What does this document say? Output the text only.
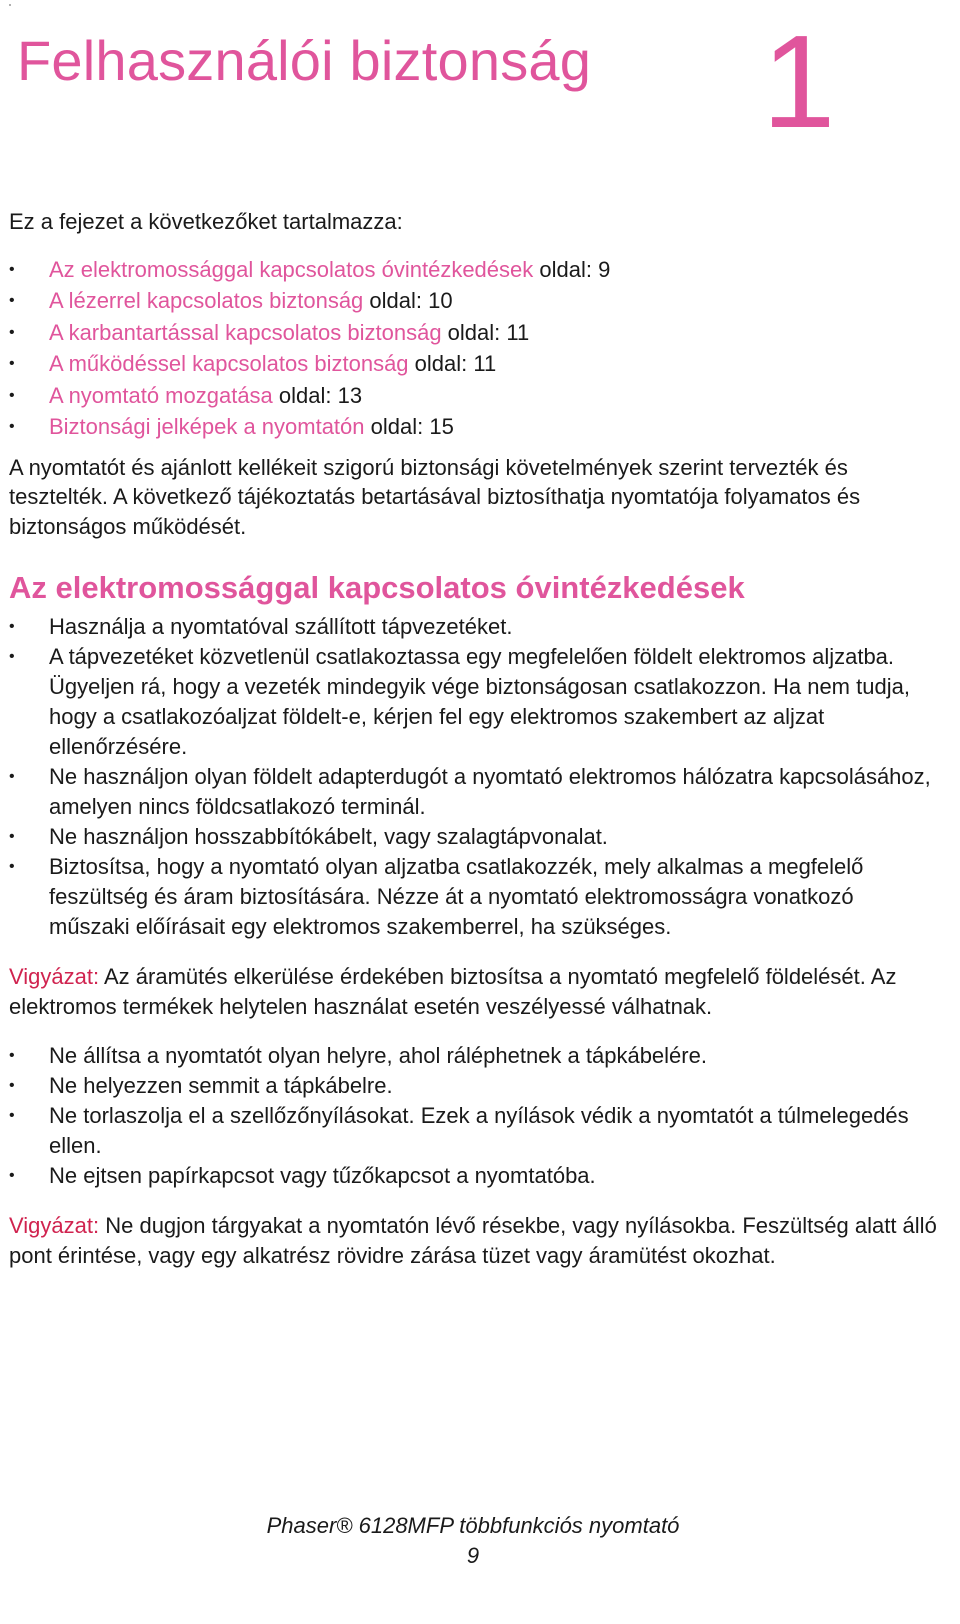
Felhasználói biztonság 1

Ez a fejezet a következőket tartalmazza:

• Az elektromossággal kapcsolatos óvintézkedések oldal: 9
• A lézerrel kapcsolatos biztonság oldal: 10
• A karbantartással kapcsolatos biztonság oldal: 11
• A működéssel kapcsolatos biztonság oldal: 11
• A nyomtató mozgatása oldal: 13
• Biztonsági jelképek a nyomtatón oldal: 15

A nyomtatót és ajánlott kellékeit szigorú biztonsági követelmények szerint tervezték és tesztelték. A következő tájékoztatás betartásával biztosíthatja nyomtatója folyamatos és biztonságos működését.

Az elektromossággal kapcsolatos óvintézkedések
• Használja a nyomtatóval szállított tápvezetéket.
• A tápvezetéket közvetlenül csatlakoztassa egy megfelelően földelt elektromos aljzatba. Ügyeljen rá, hogy a vezeték mindegyik vége biztonságosan csatlakozzon. Ha nem tudja, hogy a csatlakozóaljzat földelt-e, kérjen fel egy elektromos szakembert az aljzat ellenőrzésére.
• Ne használjon olyan földelt adapterdugót a nyomtató elektromos hálózatra kapcsolásához, amelyen nincs földcsatlakozó terminál.
• Ne használjon hosszabbítókábelt, vagy szalagtápvonalat.
• Biztosítsa, hogy a nyomtató olyan aljzatba csatlakozzék, mely alkalmas a megfelelő feszültség és áram biztosítására. Nézze át a nyomtató elektromosságra vonatkozó műszaki előírásait egy elektromos szakemberrel, ha szükséges.

Vigyázat: Az áramütés elkerülése érdekében biztosítsa a nyomtató megfelelő földelését. Az elektromos termékek helytelen használat esetén veszélyessé válhatnak.

• Ne állítsa a nyomtatót olyan helyre, ahol ráléphetnek a tápkábelére.
• Ne helyezzen semmit a tápkábelre.
• Ne torlaszolja el a szellőzőnyílásokat. Ezek a nyílások védik a nyomtatót a túlmelegedés ellen.
• Ne ejtsen papírkapcsot vagy tűzőkapcsot a nyomtatóba.

Vigyázat: Ne dugjon tárgyakat a nyomtatón lévő résekbe, vagy nyílásokba. Feszültség alatt álló pont érintése, vagy egy alkatrész rövidre zárása tüzet vagy áramütést okozhat.

Phaser® 6128MFP többfunkciós nyomtató
9
